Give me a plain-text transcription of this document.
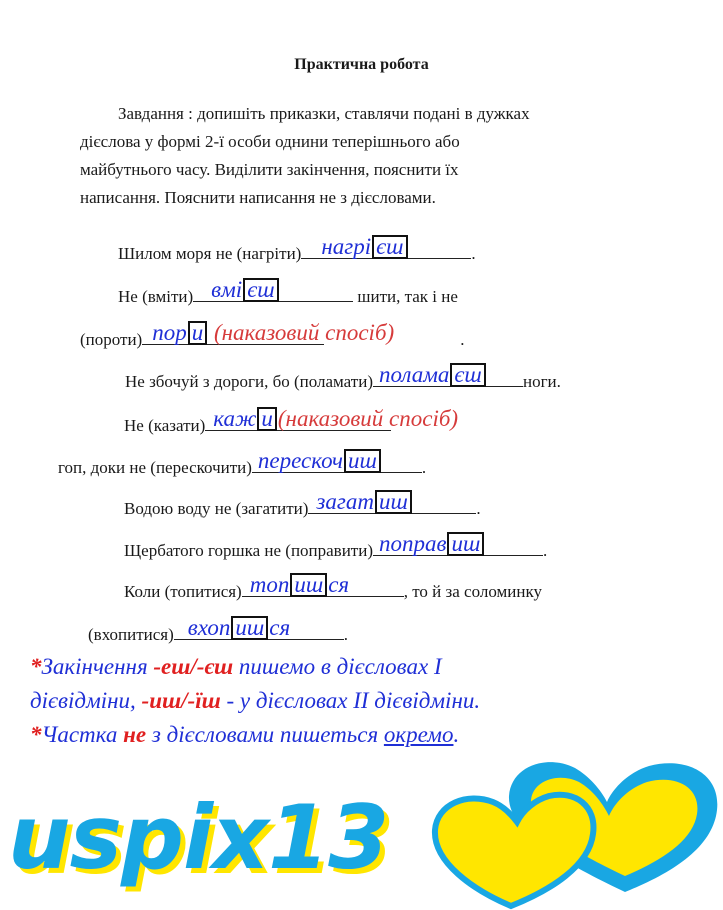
Практична робота
Завдання : допишіть приказки, ставлячи подані в дужках
дієслова у формі 2-ї особи однини теперішнього або
майбутнього часу. Виділити закінчення, пояснити їх
написання. Пояснити написання не з дієсловами.
Шилом моря не (нагріти) нагрі єш	.
Не (вміти) вмі єш	шити, так і не
(пороти) пор и (наказовий спосіб)	.
Не збочуй з дороги, бо (поламати) полама єш ноги.
Не (казати) каж и (наказовий спосіб)
гоп, доки не (перескочити) перескоч иш	.
Водою воду не (загатити) загат иш	.
Щербатого горшка не (поправити) поправ иш	.
Коли (топитися) топ иш ся	, то й за соломинку
(вхопитися) вхоп иш ся	.
*Закінчення -еш/-єш пишемо в дієсловах І
дієвідміни, -иш/-їш - у дієсловах ІІ дієвідміни.
*Частка не з дієсловами пишеться окремо.
uspix13
